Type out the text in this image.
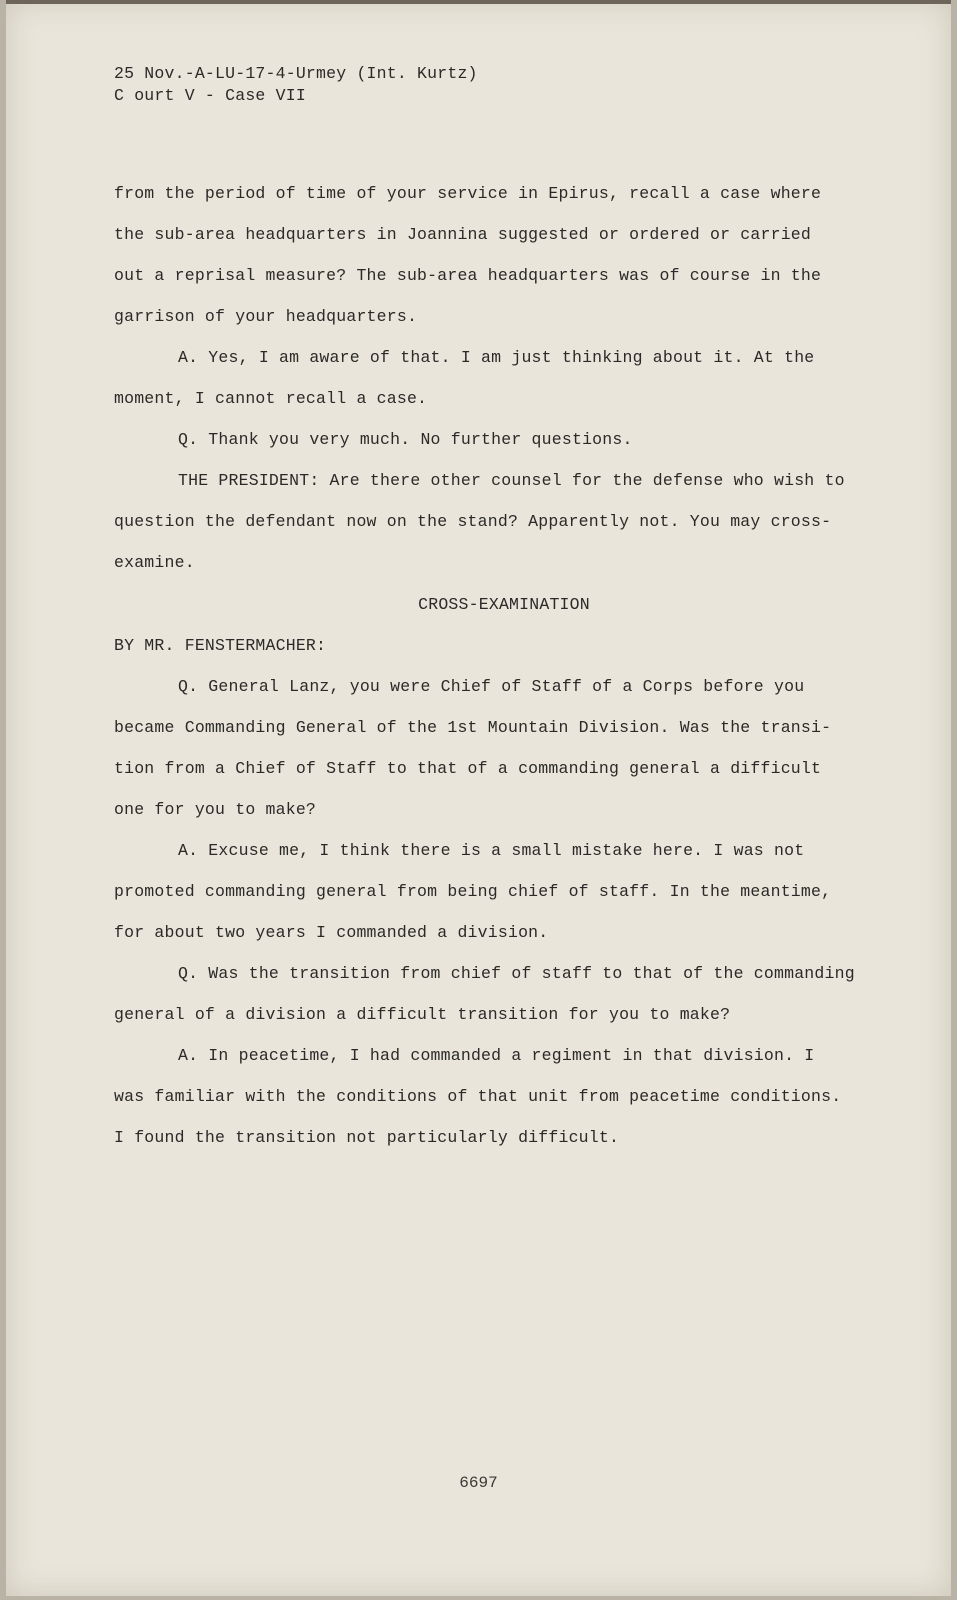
25 Nov.-A-LU-17-4-Urmey (Int. Kurtz)
C ourt V - Case VII
from the period of time of your service in Epirus, recall a case where
the sub-area headquarters in Joannina suggested or ordered or carried
out a reprisal measure? The sub-area headquarters was of course in the
garrison of your headquarters.
A. Yes, I am aware of that. I am just thinking about it. At the
moment, I cannot recall a case.
Q. Thank you very much. No further questions.
THE PRESIDENT: Are there other counsel for the defense who wish to
question the defendant now on the stand? Apparently not. You may cross-
examine.
CROSS-EXAMINATION
BY MR. FENSTERMACHER:
Q. General Lanz, you were Chief of Staff of a Corps before you
became Commanding General of the 1st Mountain Division. Was the transi-
tion from a Chief of Staff to that of a commanding general a difficult
one for you to make?
A. Excuse me, I think there is a small mistake here. I was not
promoted commanding general from being chief of staff. In the meantime,
for about two years I commanded a division.
Q. Was the transition from chief of staff to that of the commanding
general of a division a difficult transition for you to make?
A. In peacetime, I had commanded a regiment in that division. I
was familiar with the conditions of that unit from peacetime conditions.
I found the transition not particularly difficult.
6697
